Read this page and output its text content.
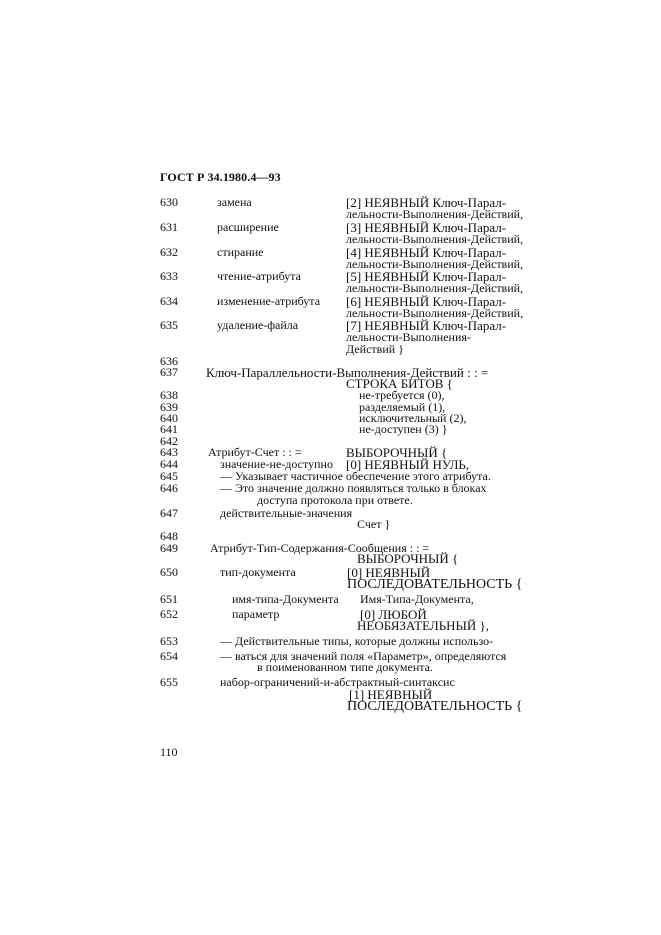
ГОСТ Р 34.1980.4—93
630	замена	[2] НЕЯВНЫЙ Ключ-Парал-
лельности-Выполнения-Действий,
631	расширение	[3] НЕЯВНЫЙ Ключ-Парал-
лельности-Выполнения-Действий,
632	стирание	[4] НЕЯВНЫЙ Ключ-Парал-
лельности-Выполнения-Действий,
633	чтение-атрибута	[5] НЕЯВНЫЙ Ключ-Парал-
лельности-Выполнения-Действий,
634	изменение-атрибута [6] НЕЯВНЫЙ Ключ-Парал-
лельности-Выполнения-Действий,
635	удаление-файла	[7] НЕЯВНЫЙ Ключ-Парал-
лельности-Выполнения-
Действий }
636
637 Ключ-Параллельности-Выполнения-Действий : : =
СТРОКА БИТОВ {
638	не-требуется (0),
639	разделяемый (1),
640	исключительный (2),
641	не-доступен (3) }
642
643	Атрибут-Счет : : =	ВЫБОРОЧНЫЙ {
644	значение-не-доступно [0] НЕЯВНЫЙ НУЛЬ,
645	— Указывает частичное обеспечение этого атрибута.
646	— Это значение должно появляться только в блоках
доступа протокола при ответе.
647	действительные-значения
Счет }
648
649	Атрибут-Тип-Содержания-Сообщения : : =
ВЫБОРОЧНЫЙ {
650	тип-документа	[0] НЕЯВНЫЙ
ПОСЛЕДОВАТЕЛЬНОСТЬ {
651	имя-типа-Документа Имя-Типа-Документа,
652	параметр	[0] ЛЮБОЙ
НЕОБЯЗАТЕЛЬНЫЙ },
653	— Действительные типы, которые должны использо-
654	— ваться для значений поля «Параметр», определяются
в поименованном типе документа.
655	набор-ограничений-и-абстрактный-синтаксис
[1] НЕЯВНЫЙ
ПОСЛЕДОВАТЕЛЬНОСТЬ {
110
